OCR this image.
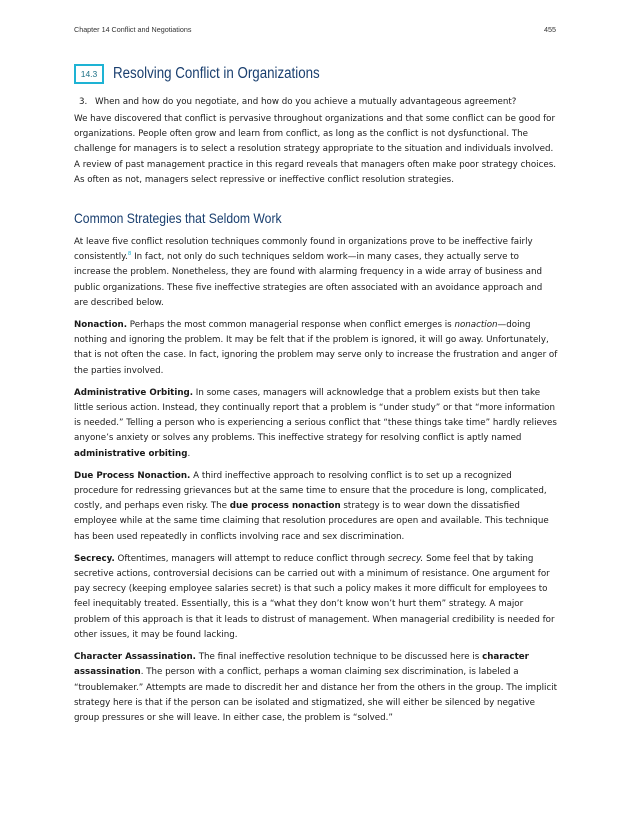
Chapter 14 Conflict and Negotiations	455
14.3	Resolving Conflict in Organizations
3. When and how do you negotiate, and how do you achieve a mutually advantageous agreement?

We have discovered that conflict is pervasive throughout organizations and that some conflict can be good for organizations. People often grow and learn from conflict, as long as the conflict is not dysfunctional. The challenge for managers is to select a resolution strategy appropriate to the situation and individuals involved. A review of past management practice in this regard reveals that managers often make poor strategy choices. As often as not, managers select repressive or ineffective conflict resolution strategies.

Common Strategies that Seldom Work

At leave five conflict resolution techniques commonly found in organizations prove to be ineffective fairly consistently.$^8$ In fact, not only do such techniques seldom work—in many cases, they actually serve to increase the problem. Nonetheless, they are found with alarming frequency in a wide array of business and public organizations. These five ineffective strategies are often associated with an avoidance approach and are described below.

Nonaction. Perhaps the most common managerial response when conflict emerges is nonaction—doing nothing and ignoring the problem. It may be felt that if the problem is ignored, it will go away. Unfortunately, that is not often the case. In fact, ignoring the problem may serve only to increase the frustration and anger of the parties involved.

Administrative Orbiting. In some cases, managers will acknowledge that a problem exists but then take little serious action. Instead, they continually report that a problem is “under study” or that “more information is needed.” Telling a person who is experiencing a serious conflict that “these things take time” hardly relieves anyone’s anxiety or solves any problems. This ineffective strategy for resolving conflict is aptly named administrative orbiting.

Due Process Nonaction. A third ineffective approach to resolving conflict is to set up a recognized procedure for redressing grievances but at the same time to ensure that the procedure is long, complicated, costly, and perhaps even risky. The due process nonaction strategy is to wear down the dissatisfied employee while at the same time claiming that resolution procedures are open and available. This technique has been used repeatedly in conflicts involving race and sex discrimination.

Secrecy. Oftentimes, managers will attempt to reduce conflict through secrecy. Some feel that by taking secretive actions, controversial decisions can be carried out with a minimum of resistance. One argument for pay secrecy (keeping employee salaries secret) is that such a policy makes it more difficult for employees to feel inequitably treated. Essentially, this is a “what they don’t know won’t hurt them” strategy. A major problem of this approach is that it leads to distrust of management. When managerial credibility is needed for other issues, it may be found lacking.

Character Assassination. The final ineffective resolution technique to be discussed here is character assassination. The person with a conflict, perhaps a woman claiming sex discrimination, is labeled a “troublemaker.” Attempts are made to discredit her and distance her from the others in the group. The implicit strategy here is that if the person can be isolated and stigmatized, she will either be silenced by negative group pressures or she will leave. In either case, the problem is “solved.”
